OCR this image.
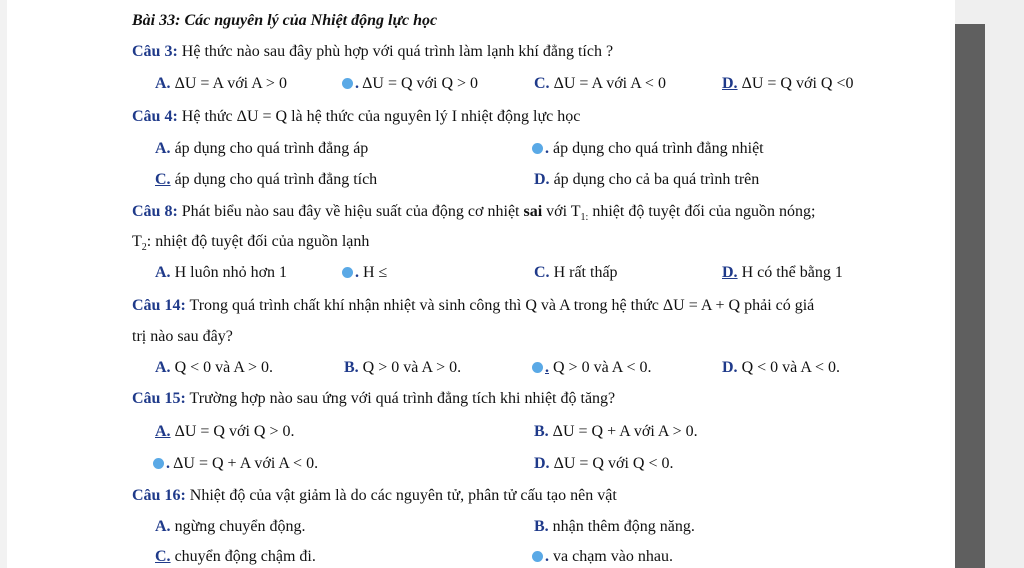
Bài 33: Các nguyên lý của Nhiệt động lực học
Câu 3: Hệ thức nào sau đây phù hợp với quá trình làm lạnh khí đẳng tích ?
A. ΔU = A với A > 0	. ΔU = Q với Q > 0	C. ΔU = A với A < 0	D. ΔU = Q với Q <0
Câu 4: Hệ thức ΔU = Q là hệ thức của nguyên lý I nhiệt động lực học
A. áp dụng cho quá trình đẳng áp	. áp dụng cho quá trình đẳng nhiệt
C. áp dụng cho quá trình đẳng tích	D. áp dụng cho cả ba quá trình trên
Câu 8: Phát biểu nào sau đây về hiệu suất của động cơ nhiệt sai với $T_{1:}$ nhiệt độ tuyệt đối của nguồn nóng;
$T_2$: nhiệt độ tuyệt đối của nguồn lạnh
A. H luôn nhỏ hơn 1	. H ≤	C. H rất thấp	D. H có thể bằng 1
Câu 14: Trong quá trình chất khí nhận nhiệt và sinh công thì Q và A trong hệ thức ΔU = A + Q phải có giá
trị nào sau đây?
A. Q < 0 và A > 0.	B. Q > 0 và A > 0.	. Q > 0 và A < 0.	D. Q < 0 và A < 0.
Câu 15: Trường hợp nào sau ứng với quá trình đẳng tích khi nhiệt độ tăng?
A. ΔU = Q với Q > 0.	B. ΔU = Q + A với A > 0.
. ΔU = Q + A với A < 0.	D. ΔU = Q với Q < 0.
Câu 16: Nhiệt độ của vật giảm là do các nguyên tử, phân tử cấu tạo nên vật
A. ngừng chuyển động.	B. nhận thêm động năng.
C. chuyển động chậm đi.	. va chạm vào nhau.
